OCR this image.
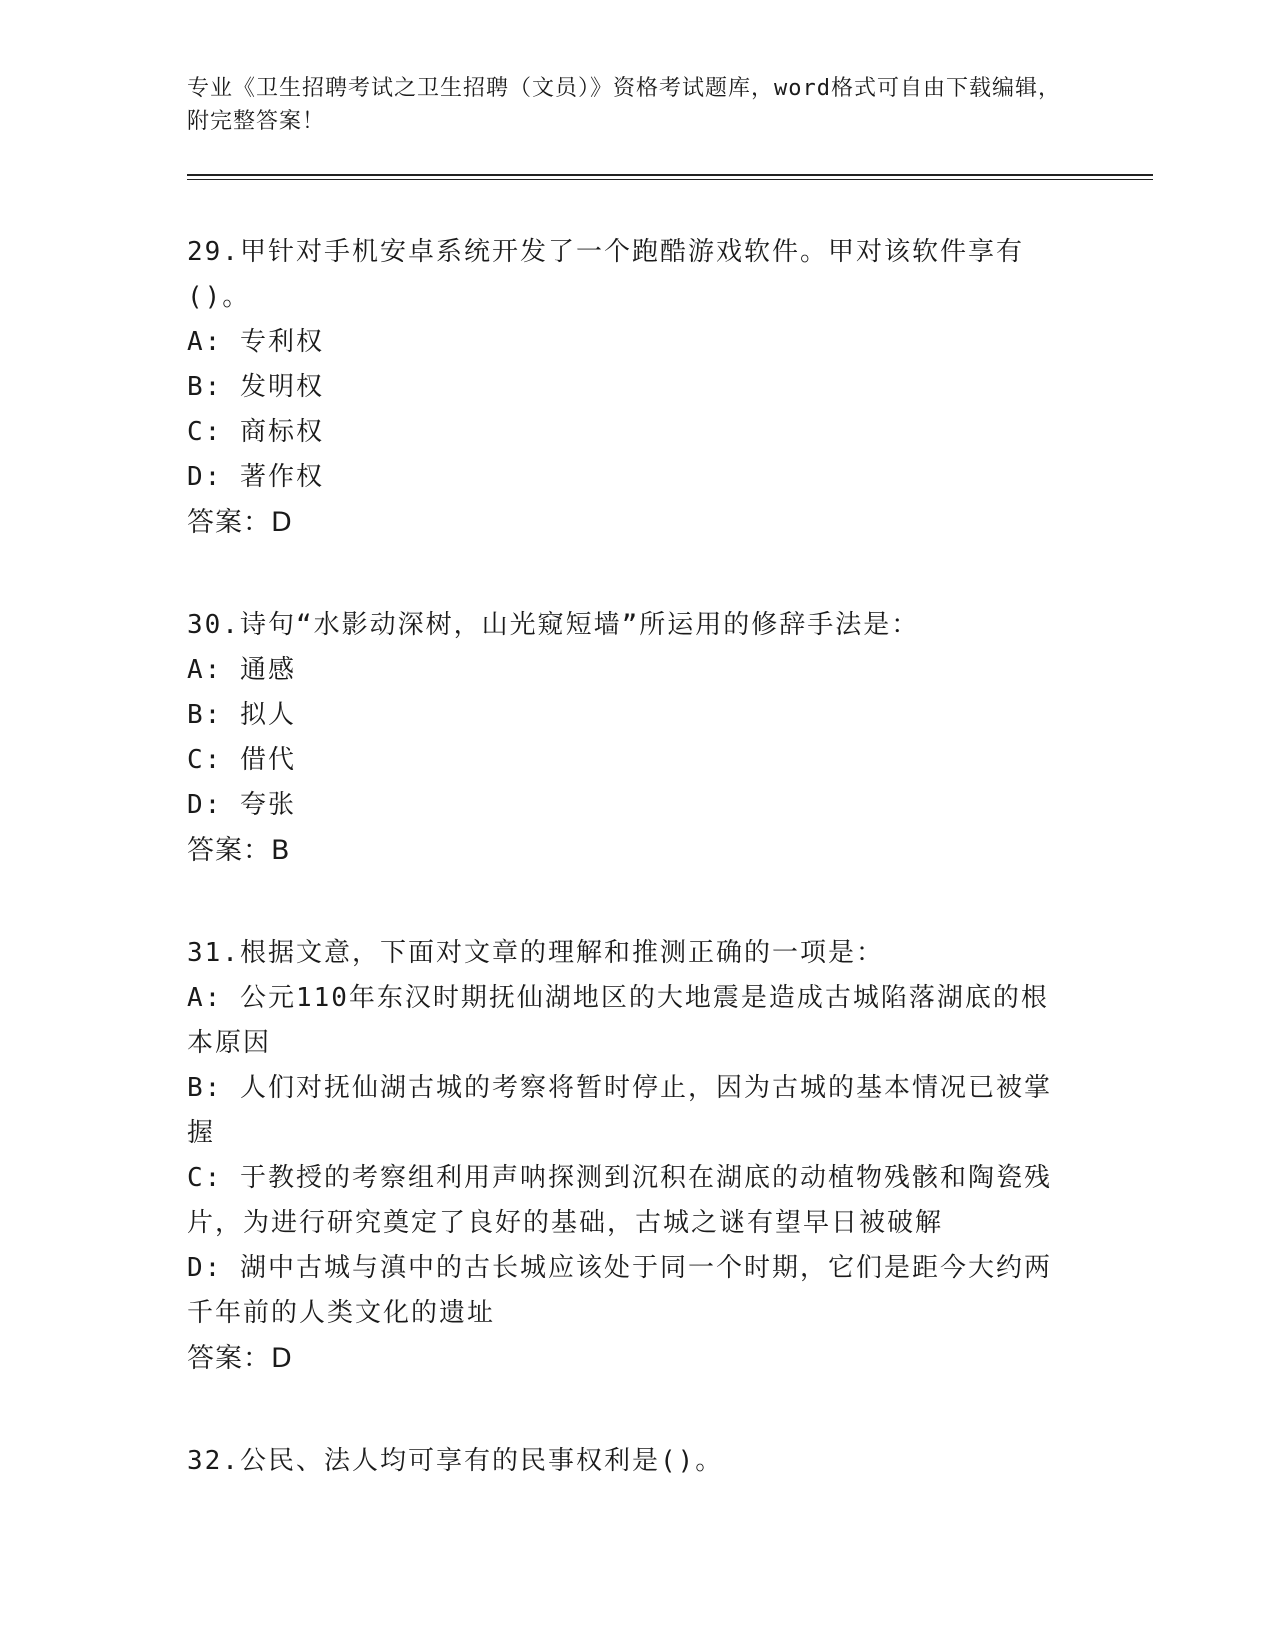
专业《卫生招聘考试之卫生招聘（文员）》资格考试题库，word格式可自由下载编辑，附完整答案！

29.甲针对手机安卓系统开发了一个跑酷游戏软件。甲对该软件享有()。

A: 专利权

B: 发明权

C: 商标权

D: 著作权

答案：D

30.诗句“水影动深树，山光窥短墙”所运用的修辞手法是：

A: 通感

B: 拟人

C: 借代

D: 夸张

答案：B

31.根据文意，下面对文章的理解和推测正确的一项是：

A: 公元110年东汉时期抚仙湖地区的大地震是造成古城陷落湖底的根本原因

B: 人们对抚仙湖古城的考察将暂时停止，因为古城的基本情况已被掌握

C: 于教授的考察组利用声呐探测到沉积在湖底的动植物残骸和陶瓷残片，为进行研究奠定了良好的基础，古城之谜有望早日被破解

D: 湖中古城与滇中的古长城应该处于同一个时期，它们是距今大约两千年前的人类文化的遗址

答案：D

32.公民、法人均可享有的民事权利是()。
